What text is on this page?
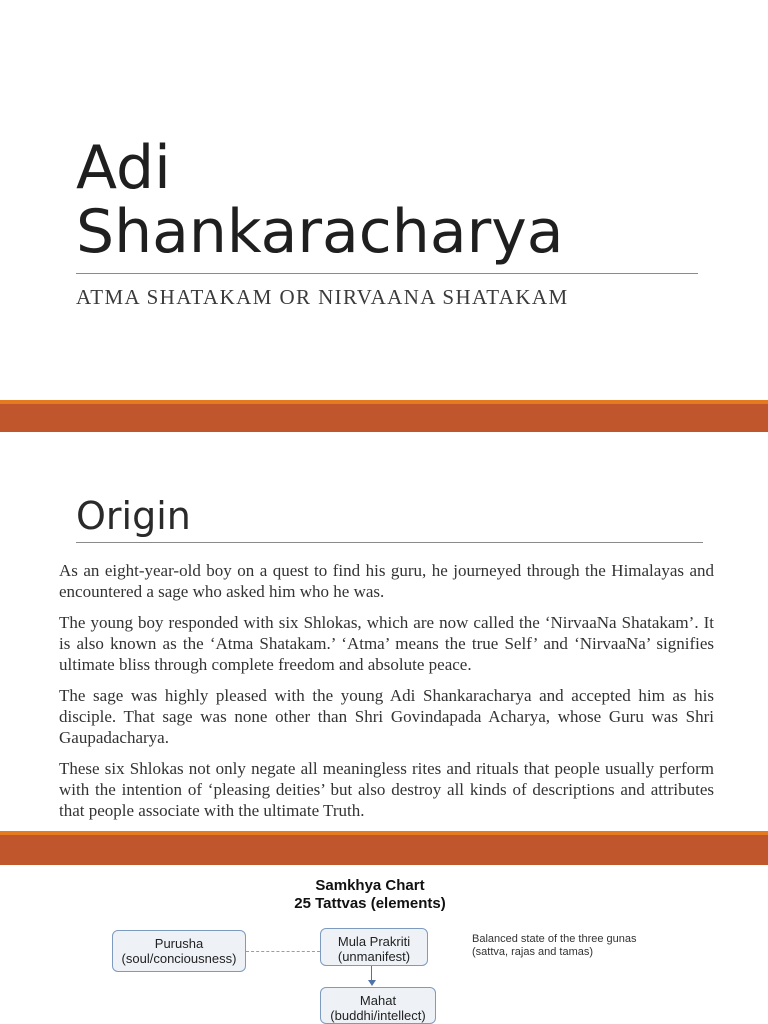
Adi
Shankaracharya
ATMA SHATAKAM OR NIRVAANA SHATAKAM
Origin

As an eight-year-old boy on a quest to find his guru, he journeyed through the Himalayas and encountered a sage who asked him who he was.

The young boy responded with six Shlokas, which are now called the ‘NirvaaNa Shatakam’. It is also known as the ‘Atma Shatakam.’ ‘Atma’ means the true Self’ and ‘NirvaaNa’ signifies ultimate bliss through complete freedom and absolute peace.

The sage was highly pleased with the young Adi Shankaracharya and accepted him as his disciple. That sage was none other than Shri Govindapada Acharya, whose Guru was Shri Gaupadacharya.

These six Shlokas not only negate all meaningless rites and rituals that people usually perform with the intention of ‘pleasing deities’ but also destroy all kinds of descriptions and attributes that people associate with the ultimate Truth.

Samkhya Chart
25 Tattvas (elements)
Purusha
(soul/conciousness)
Mula Prakriti
(unmanifest)
Balanced state of the three gunas
(sattva, rajas and tamas)
Mahat
(buddhi/intellect)
